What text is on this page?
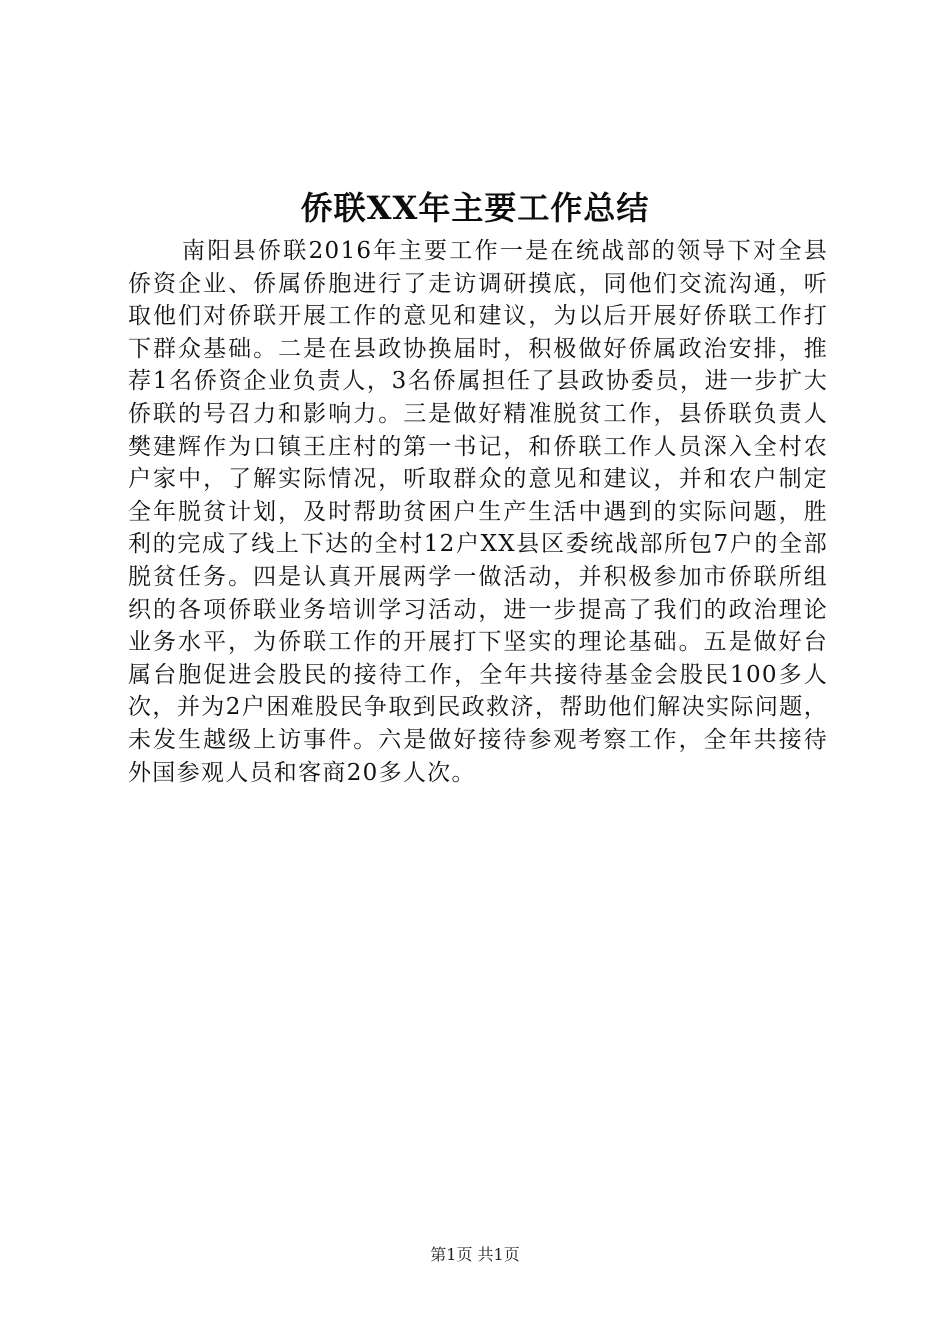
侨联XX年主要工作总结

南阳县侨联2016年主要工作一是在统战部的领导下对全县侨资企业、侨属侨胞进行了走访调研摸底，同他们交流沟通，听取他们对侨联开展工作的意见和建议，为以后开展好侨联工作打下群众基础。二是在县政协换届时，积极做好侨属政治安排，推荐1名侨资企业负责人，3名侨属担任了县政协委员，进一步扩大侨联的号召力和影响力。三是做好精准脱贫工作，县侨联负责人樊建辉作为口镇王庄村的第一书记，和侨联工作人员深入全村农户家中，了解实际情况，听取群众的意见和建议，并和农户制定全年脱贫计划，及时帮助贫困户生产生活中遇到的实际问题，胜利的完成了线上下达的全村12户XX县区委统战部所包7户的全部脱贫任务。四是认真开展两学一做活动，并积极参加市侨联所组织的各项侨联业务培训学习活动，进一步提高了我们的政治理论业务水平，为侨联工作的开展打下坚实的理论基础。五是做好台属台胞促进会股民的接待工作，全年共接待基金会股民100多人次，并为2户困难股民争取到民政救济，帮助他们解决实际问题，未发生越级上访事件。六是做好接待参观考察工作，全年共接待外国参观人员和客商20多人次。

第1页 共1页
